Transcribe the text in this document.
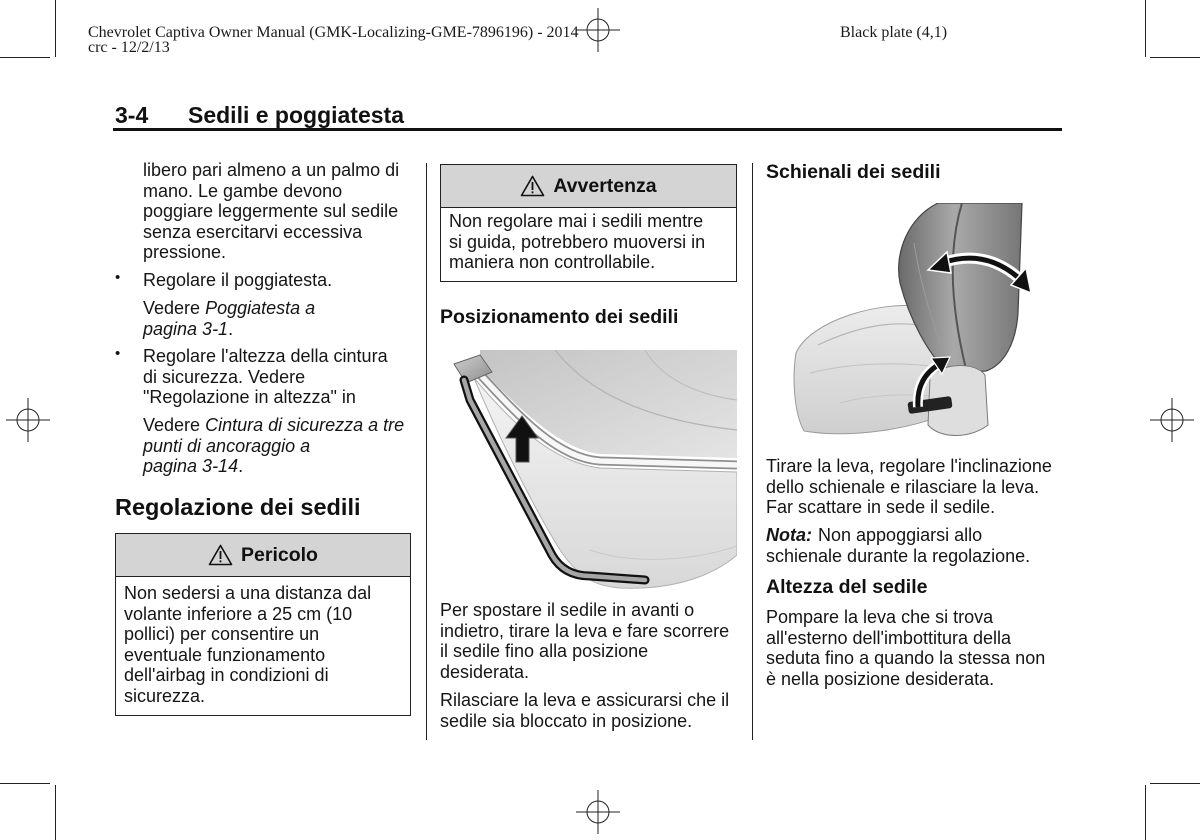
Chevrolet Captiva Owner Manual (GMK-Localizing-GME-7896196) - 2014
crc - 12/2/13
Black plate (4,1)
3-4 Sedili e poggiatesta
libero pari almeno a un palmo di
mano. Le gambe devono
poggiare leggermente sul sedile
senza esercitarvi eccessiva
pressione.
• Regolare il poggiatesta.
Vedere Poggiatesta a
pagina 3-1.
• Regolare l'altezza della cintura
di sicurezza. Vedere
"Regolazione in altezza" in
Vedere Cintura di sicurezza a tre
punti di ancoraggio a
pagina 3-14.
Regolazione dei sedili
Pericolo
Non sedersi a una distanza dal
volante inferiore a 25 cm (10
pollici) per consentire un
eventuale funzionamento
dell'airbag in condizioni di
sicurezza.
Avvertenza
Non regolare mai i sedili mentre
si guida, potrebbero muoversi in
maniera non controllabile.
Posizionamento dei sedili
Per spostare il sedile in avanti o
indietro, tirare la leva e fare scorrere
il sedile fino alla posizione
desiderata.
Rilasciare la leva e assicurarsi che il
sedile sia bloccato in posizione.
Schienali dei sedili
Tirare la leva, regolare l'inclinazione
dello schienale e rilasciare la leva.
Far scattare in sede il sedile.
Nota: Non appoggiarsi allo
schienale durante la regolazione.
Altezza del sedile
Pompare la leva che si trova
all'esterno dell'imbottitura della
seduta fino a quando la stessa non
è nella posizione desiderata.
